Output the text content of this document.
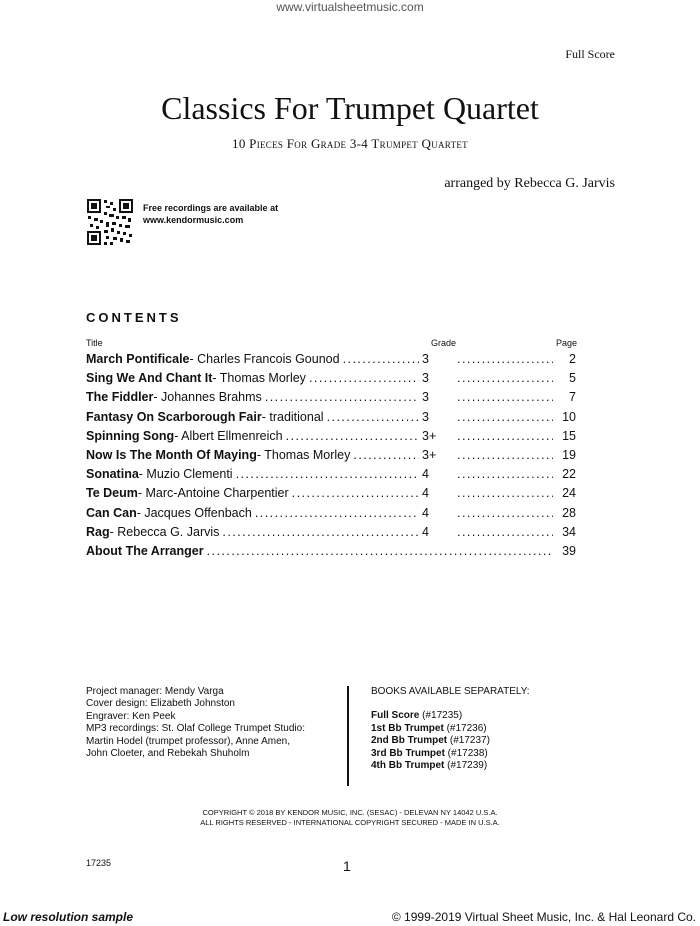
www.virtualsheetmusic.com
Full Score
Classics For Trumpet Quartet
10 Pieces For Grade 3-4 Trumpet Quartet
arranged by Rebecca G. Jarvis
Free recordings are available at
www.kendormusic.com
CONTENTS
Title	Grade	Page
March Pontificale - Charles Francois Gounod . . .	3 . . .	2
Sing We And Chant It - Thomas Morley . . .	3 . . .	5
The Fiddler - Johannes Brahms . . .	3 . . .	7
Fantasy On Scarborough Fair - traditional . . .	3 . . .	10
Spinning Song - Albert Ellmenreich . . .	3+ . . .	15
Now Is The Month Of Maying - Thomas Morley . . .	3+ . . .	19
Sonatina - Muzio Clementi . . .	4 . . .	22
Te Deum - Marc-Antoine Charpentier . . .	4 . . .	24
Can Can - Jacques Offenbach . . .	4 . . .	28
Rag - Rebecca G. Jarvis . . .	4 . . .	34
About The Arranger . . .	39
Project manager: Mendy Varga
Cover design: Elizabeth Johnston
Engraver: Ken Peek
MP3 recordings: St. Olaf College Trumpet Studio:
Martin Hodel (trumpet professor), Anne Amen,
John Cloeter, and Rebekah Shuholm
BOOKS AVAILABLE SEPARATELY:
Full Score (#17235)
1st Bb Trumpet (#17236)
2nd Bb Trumpet (#17237)
3rd Bb Trumpet (#17238)
4th Bb Trumpet (#17239)
COPYRIGHT © 2018 BY KENDOR MUSIC, INC. (SESAC) - DELEVAN NY 14042 U.S.A.
ALL RIGHTS RESERVED - INTERNATIONAL COPYRIGHT SECURED - MADE IN U.S.A.
17235	1
Low resolution sample	© 1999-2019 Virtual Sheet Music, Inc. & Hal Leonard Co.
